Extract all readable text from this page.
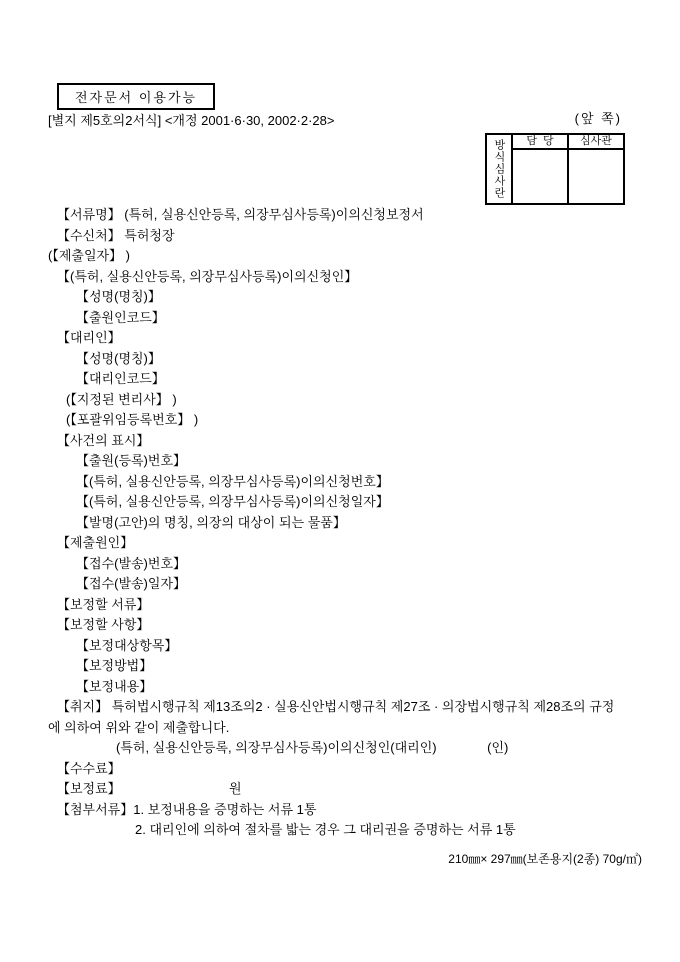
전자문서 이용가능
[별지 제5호의2서식] <개정 2001·6·30, 2002·2·28>	(앞 쪽)
방식심사란	담  당	심사관
【서류명】 (특허, 실용신안등록, 의장무심사등록)이의신청보정서
【수신처】 특허청장
(【제출일자】 )
【(특허, 실용신안등록, 의장무심사등록)이의신청인】
【성명(명칭)】
【출원인코드】
【대리인】
【성명(명칭)】
【대리인코드】
(【지정된 변리사】 )
(【포괄위임등록번호】 )
【사건의 표시】
【출원(등록)번호】
【(특허, 실용신안등록, 의장무심사등록)이의신청번호】
【(특허, 실용신안등록, 의장무심사등록)이의신청일자】
【발명(고안)의 명칭, 의장의 대상이 되는 물품】
【제출원인】
【접수(발송)번호】
【접수(발송)일자】
【보정할 서류】
【보정할 사항】
【보정대상항목】
【보정방법】
【보정내용】
【취지】 특허법시행규칙 제13조의2 · 실용신안법시행규칙 제27조 · 의장법시행규칙 제28조의 규정
에 의하여 위와 같이 제출합니다.
(특허, 실용신안등록, 의장무심사등록)이의신청인(대리인)              (인)
【수수료】
【보정료】                              원
【첨부서류】1. 보정내용을 증명하는 서류 1통
2. 대리인에 의하여 절차를 밟는 경우 그 대리권을 증명하는 서류 1통
210㎜× 297㎜(보존용지(2종) 70g/㎡)
